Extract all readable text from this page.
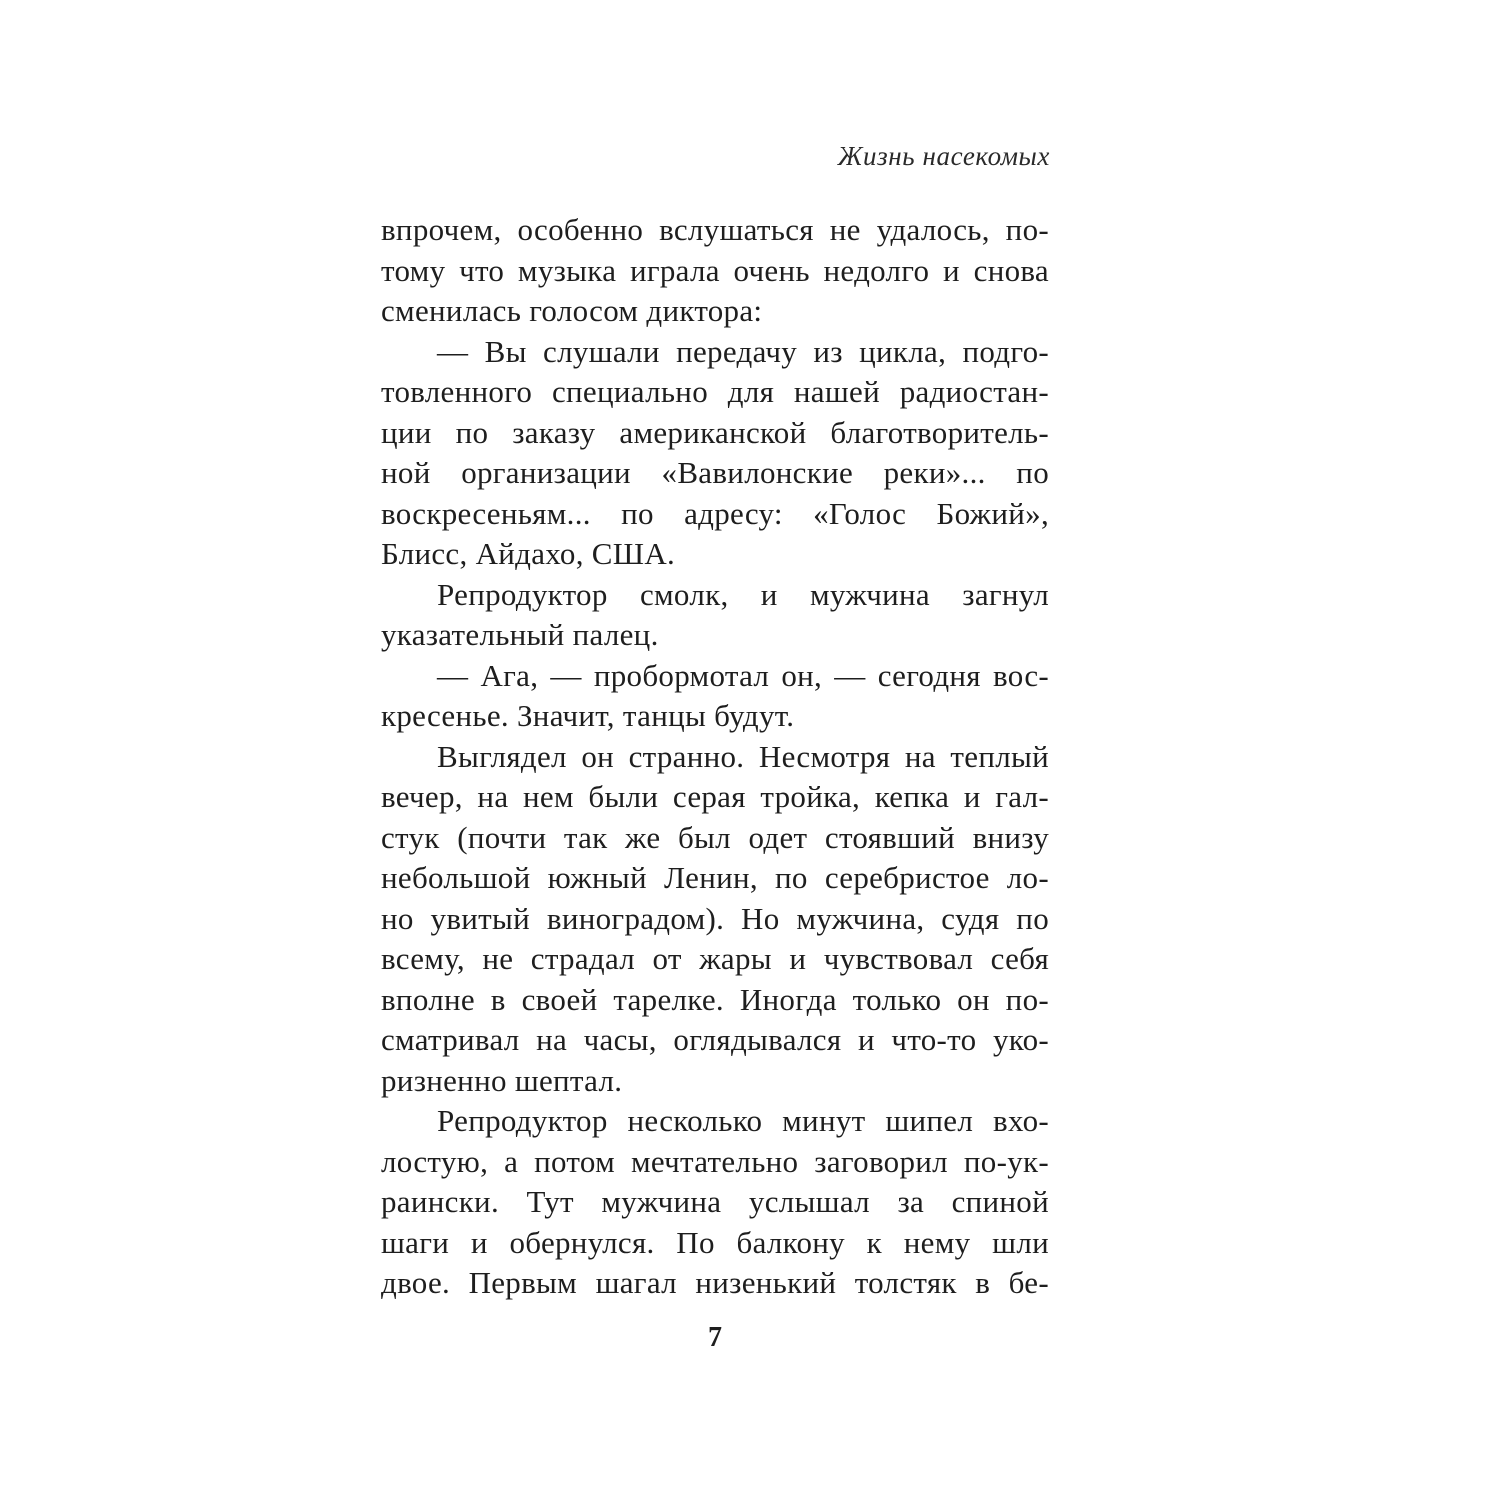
Жизнь насекомых
впрочем, особенно вслушаться не удалось, по-
тому что музыка играла очень недолго и снова
сменилась голосом диктора:
— Вы слушали передачу из цикла, подго-
товленного специально для нашей радиостан-
ции по заказу американской благотворитель-
ной организации «Вавилонские реки»... по
воскресеньям... по адресу: «Голос Божий»,
Блисс, Айдахо, США.
Репродуктор смолк, и мужчина загнул
указательный палец.
— Ага, — пробормотал он, — сегодня вос-
кресенье. Значит, танцы будут.
Выглядел он странно. Несмотря на теплый
вечер, на нем были серая тройка, кепка и гал-
стук (почти так же был одет стоявший внизу
небольшой южный Ленин, по серебристое ло-
но увитый виноградом). Но мужчина, судя по
всему, не страдал от жары и чувствовал себя
вполне в своей тарелке. Иногда только он по-
сматривал на часы, оглядывался и что-то уко-
ризненно шептал.
Репродуктор несколько минут шипел вхо-
лостую, а потом мечтательно заговорил по-ук-
раински. Тут мужчина услышал за спиной
шаги и обернулся. По балкону к нему шли
двое. Первым шагал низенький толстяк в бе-
7
